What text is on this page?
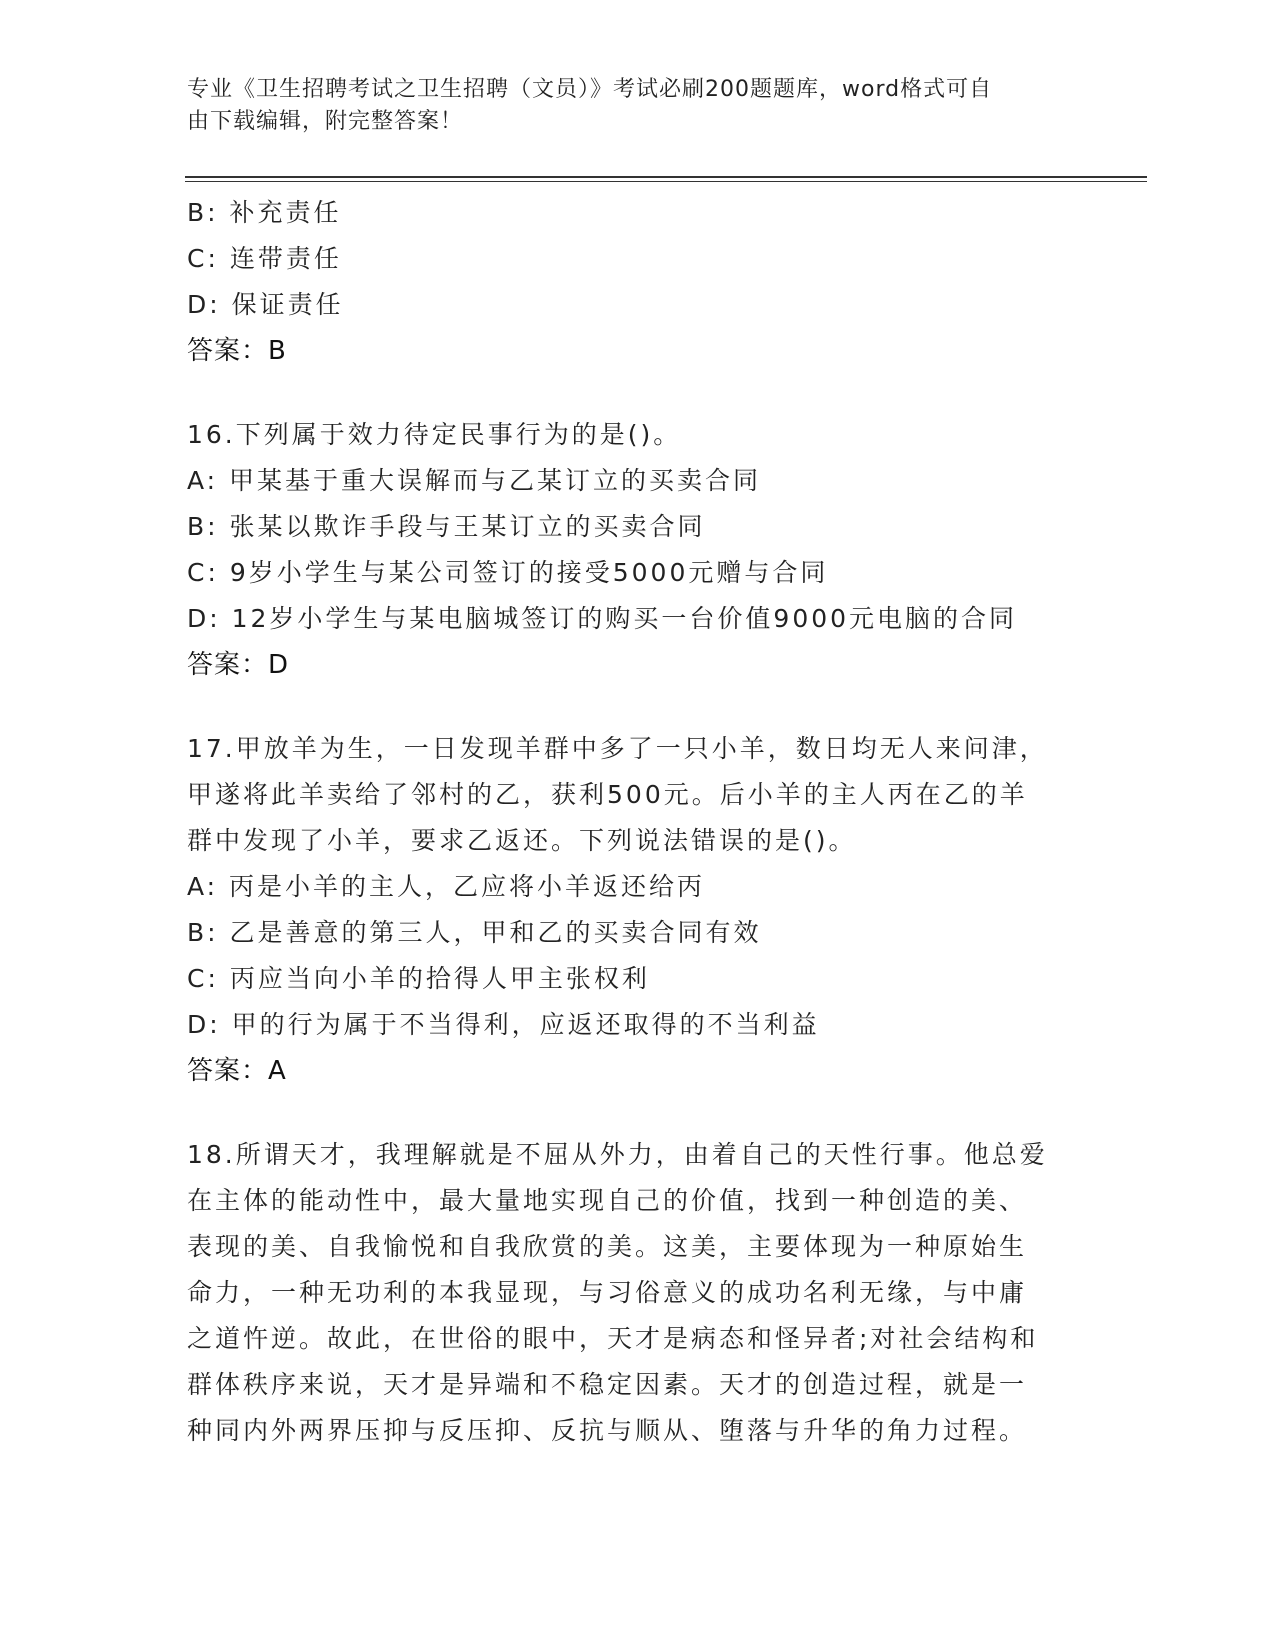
专业《卫生招聘考试之卫生招聘（文员）》考试必刷200题题库，word格式可自
由下载编辑，附完整答案！
B: 补充责任
C: 连带责任
D: 保证责任
答案：B
16.下列属于效力待定民事行为的是()。
A: 甲某基于重大误解而与乙某订立的买卖合同
B: 张某以欺诈手段与王某订立的买卖合同
C: 9岁小学生与某公司签订的接受5000元赠与合同
D: 12岁小学生与某电脑城签订的购买一台价值9000元电脑的合同
答案：D
17.甲放羊为生，一日发现羊群中多了一只小羊，数日均无人来问津，
甲遂将此羊卖给了邻村的乙，获利500元。后小羊的主人丙在乙的羊
群中发现了小羊，要求乙返还。下列说法错误的是()。
A: 丙是小羊的主人，乙应将小羊返还给丙
B: 乙是善意的第三人，甲和乙的买卖合同有效
C: 丙应当向小羊的拾得人甲主张权利
D: 甲的行为属于不当得利，应返还取得的不当利益
答案：A
18.所谓天才，我理解就是不屈从外力，由着自己的天性行事。他总爱
在主体的能动性中，最大量地实现自己的价值，找到一种创造的美、
表现的美、自我愉悦和自我欣赏的美。这美，主要体现为一种原始生
命力，一种无功利的本我显现，与习俗意义的成功名利无缘，与中庸
之道忤逆。故此，在世俗的眼中，天才是病态和怪异者;对社会结构和
群体秩序来说，天才是异端和不稳定因素。天才的创造过程，就是一
种同内外两界压抑与反压抑、反抗与顺从、堕落与升华的角力过程。
